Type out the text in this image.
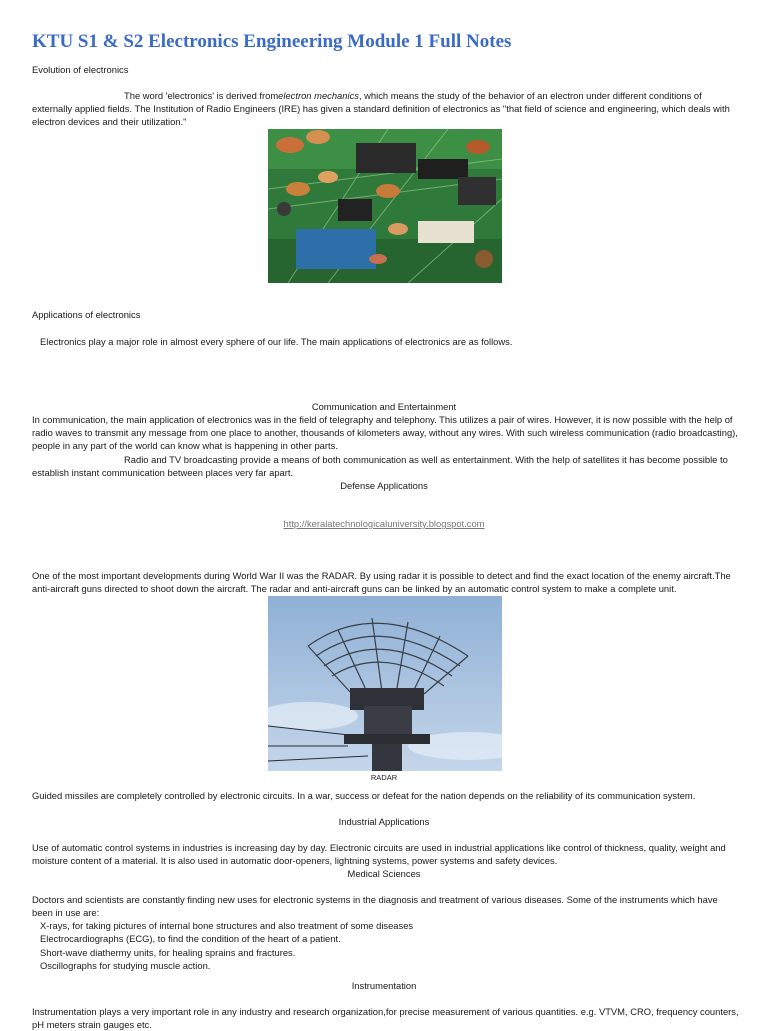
KTU S1 & S2 Electronics Engineering Module 1 Full Notes

Evolution of electronics

The word 'electronics' is derived fromelectron mechanics, which means the study of the behavior of an electron under different conditions of externally applied fields. The Institution of Radio Engineers (IRE) has given a standard definition of electronics as "that field of science and engineering, which deals with electron devices and their utilization."

Applications of electronics

Electronics play a major role in almost every sphere of our life. The main applications of electronics are as follows.

Communication and Entertainment

In communication, the main application of electronics was in the field of telegraphy and telephony. This utilizes a pair of wires. However, it is now possible with the help of radio waves to transmit any message from one place to another, thousands of kilometers away, without any wires. With such wireless communication (radio broadcasting), people in any part of the world can know what is happening in other parts.

Radio and TV broadcasting provide a means of both communication as well as entertainment. With the help of satellites it has become possible to establish instant communication between places very far apart.

Defense Applications

http://keralatechnologicaluniversity.blogspot.com

One of the most important developments during World War II was the RADAR. By using radar it is possible to detect and find the exact location of the enemy aircraft.The anti-aircraft guns directed to shoot down the aircraft. The radar and anti-aircraft guns can be linked by an automatic control system to make a complete unit.

RADAR

Guided missiles are completely controlled by electronic circuits. In a war, success or defeat for the nation depends on the reliability of its communication system.

Industrial Applications

Use of automatic control systems in industries is increasing day by day. Electronic circuits are used in industrial applications like control of thickness, quality, weight and moisture content of a material. It is also used in automatic door-openers, lightning systems, power systems and safety devices.

Medical Sciences

Doctors and scientists are constantly finding new uses for electronic systems in the diagnosis and treatment of various diseases. Some of the instruments which have been in use are:

X-rays, for taking pictures of internal bone structures and also treatment of some diseases
Electrocardiographs (ECG), to find the condition of the heart of a patient.
Short-wave diathermy units, for healing sprains and fractures.
Oscillographs for studying muscle action.

Instrumentation

Instrumentation plays a very important role in any industry and research organization,for precise measurement of various quantities. e.g. VTVM, CRO, frequency counters, pH meters strain gauges etc.
